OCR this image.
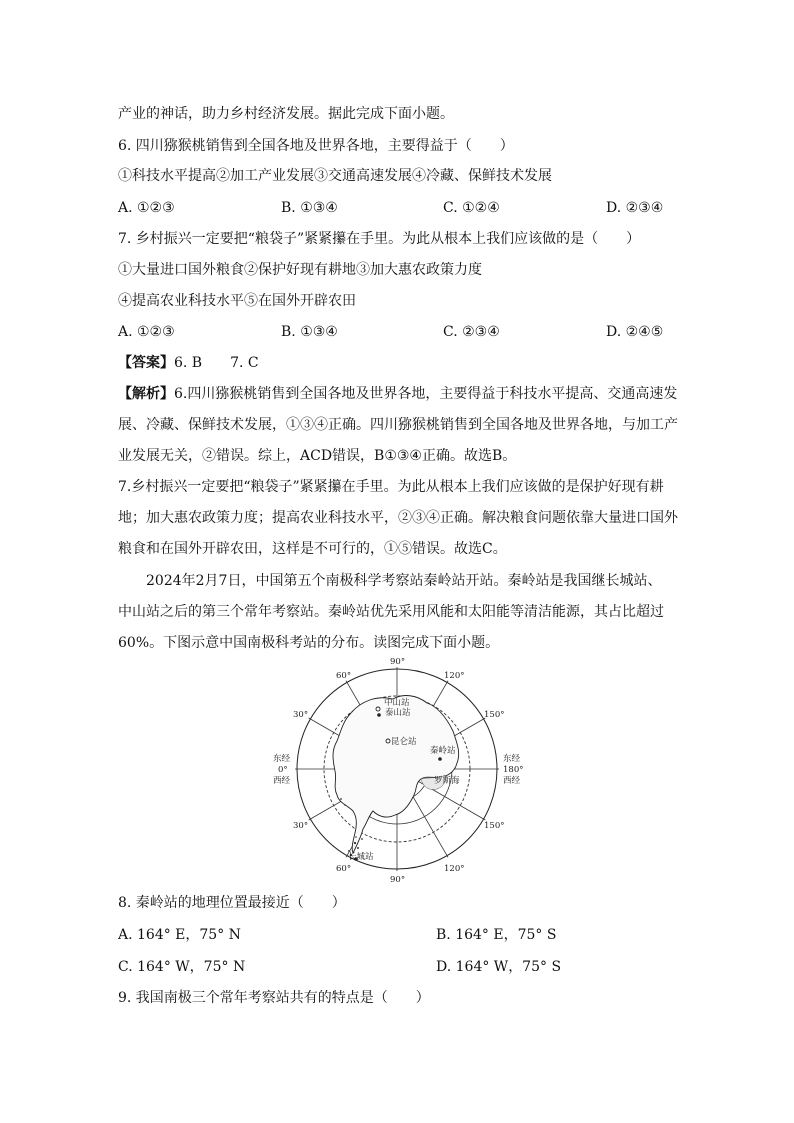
产业的神话，助力乡村经济发展。据此完成下面小题。
6. 四川猕猴桃销售到全国各地及世界各地，主要得益于（　　）
①科技水平提高②加工产业发展③交通高速发展④冷藏、保鲜技术发展
A. ①②③	B. ①③④	C. ①②④	D. ②③④
7. 乡村振兴一定要把“粮袋子”紧紧攥在手里。为此从根本上我们应该做的是（　　）
①大量进口国外粮食②保护好现有耕地③加大惠农政策力度
④提高农业科技水平⑤在国外开辟农田
A. ①②③	B. ①③④	C. ②③④	D. ②④⑤
【答案】6. B　　7. C
【解析】6.四川猕猴桃销售到全国各地及世界各地，主要得益于科技水平提高、交通高速发
展、冷藏、保鲜技术发展，①③④正确。四川猕猴桃销售到全国各地及世界各地，与加工产
业发展无关，②错误。综上，ACD错误，B①③④正确。故选B。
7.乡村振兴一定要把“粮袋子”紧紧攥在手里。为此从根本上我们应该做的是保护好现有耕
地；加大惠农政策力度；提高农业科技水平，②③④正确。解决粮食问题依靠大量进口国外
粮食和在国外开辟农田，这样是不可行的，①⑤错误。故选C。
2024年2月7日，中国第五个南极科学考察站秦岭站开站。秦岭站是我国继长城站、
中山站之后的第三个常年考察站。秦岭站优先采用风能和太阳能等清洁能源，其占比超过
60%。下图示意中国南极科考站的分布。读图完成下面小题。
中山站
泰山站
昆仑站
秦岭站
罗斯海
长城站
90°
90°
60°	120°
30°	150°
30°	150°
60°	120°
东经
0°
西经
东经
180°
西经
8. 秦岭站的地理位置最接近（　　）
A. 164° E，75° N	B. 164° E，75° S
C. 164° W，75° N	D. 164° W，75° S
9. 我国南极三个常年考察站共有的特点是（　　）
